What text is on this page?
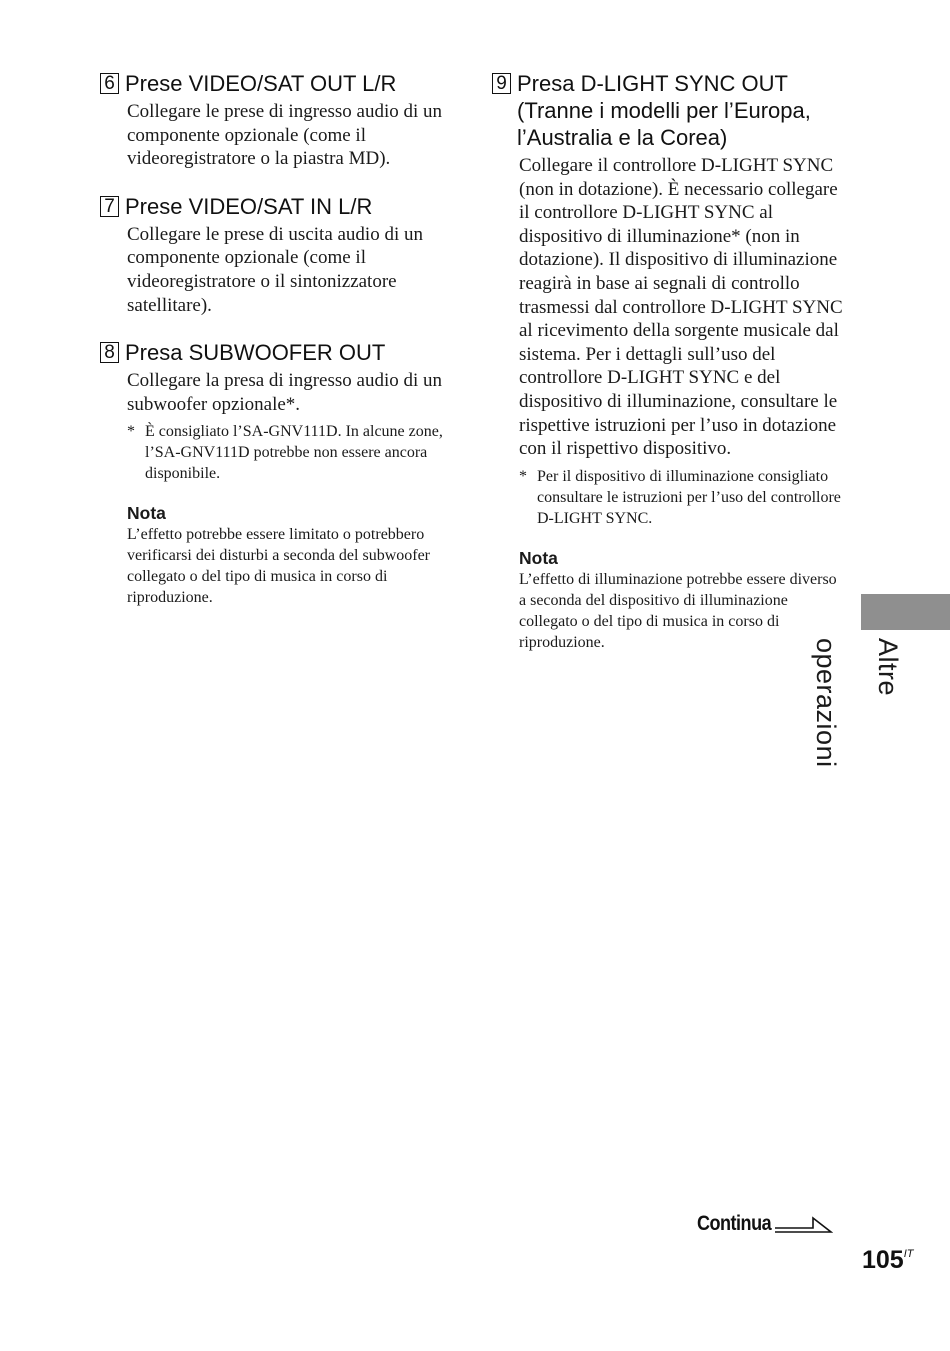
6 Prese VIDEO/SAT OUT L/R
Collegare le prese di ingresso audio di un componente opzionale (come il videoregistratore o la piastra MD).
7 Prese VIDEO/SAT IN L/R
Collegare le prese di uscita audio di un componente opzionale (come il videoregistratore o il sintonizzatore satellitare).
8 Presa SUBWOOFER OUT
Collegare la presa di ingresso audio di un subwoofer opzionale*.
* È consigliato l’SA-GNV111D. In alcune zone, l’SA-GNV111D potrebbe non essere ancora disponibile.
Nota
L’effetto potrebbe essere limitato o potrebbero verificarsi dei disturbi a seconda del subwoofer collegato o del tipo di musica in corso di riproduzione.
9 Presa D-LIGHT SYNC OUT
(Tranne i modelli per l’Europa,
l’Australia e la Corea)
Collegare il controllore D-LIGHT SYNC (non in dotazione). È necessario collegare il controllore D-LIGHT SYNC al dispositivo di illuminazione* (non in dotazione). Il dispositivo di illuminazione reagirà in base ai segnali di controllo trasmessi dal controllore D-LIGHT SYNC al ricevimento della sorgente musicale dal sistema. Per i dettagli sull’uso del controllore D-LIGHT SYNC e del dispositivo di illuminazione, consultare le rispettive istruzioni per l’uso in dotazione con il rispettivo dispositivo.
* Per il dispositivo di illuminazione consigliato consultare le istruzioni per l’uso del controllore D-LIGHT SYNC.
Nota
L’effetto di illuminazione potrebbe essere diverso a seconda del dispositivo di illuminazione collegato o del tipo di musica in corso di riproduzione.	Altre operazioni
Continua
$105^{IT}$
